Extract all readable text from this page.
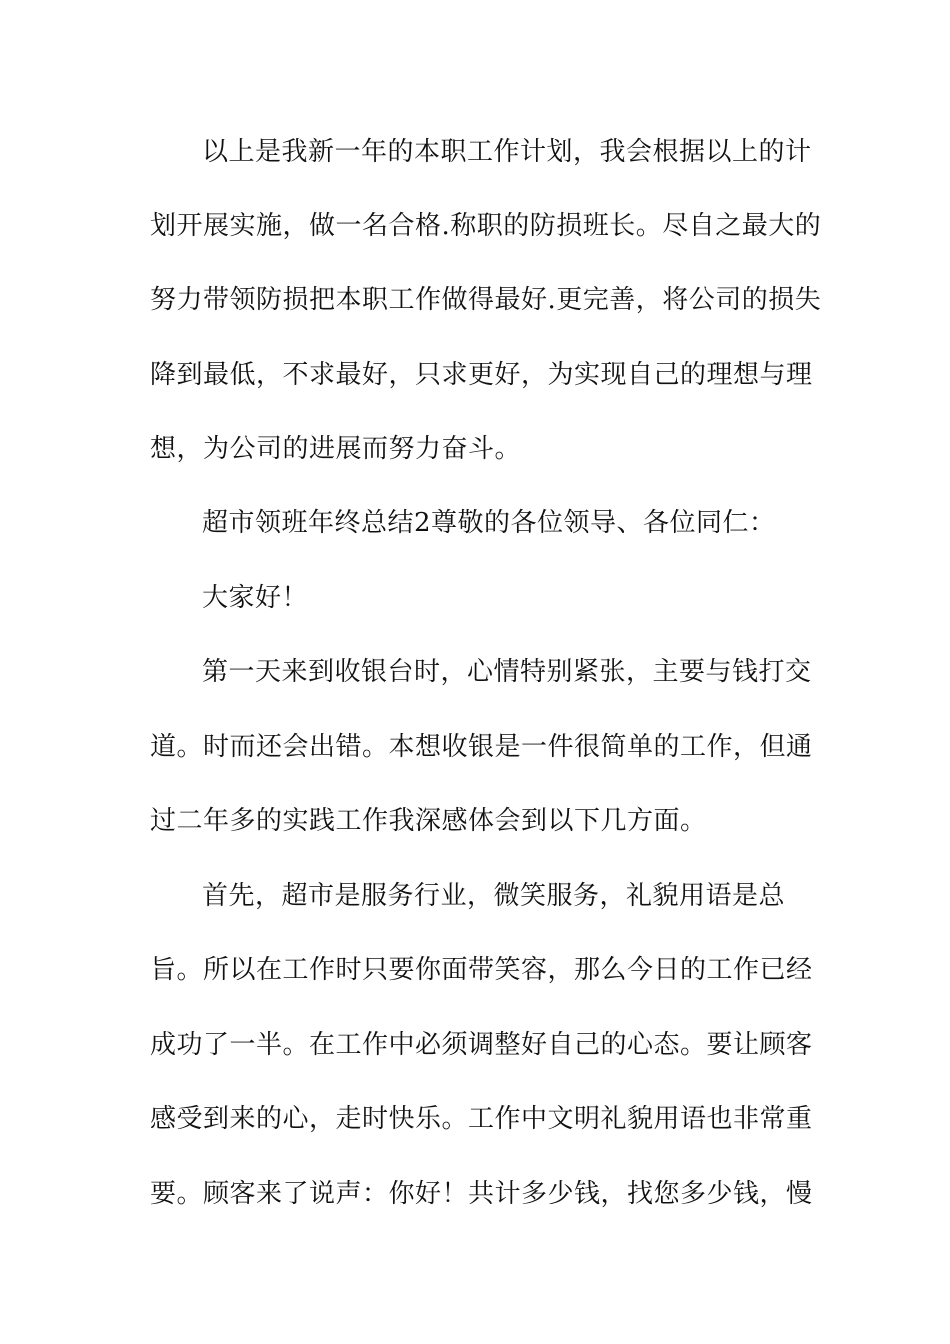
以上是我新一年的本职工作计划，我会根据以上的计
划开展实施，做一名合格.称职的防损班长。尽自之最大的
努力带领防损把本职工作做得最好.更完善，将公司的损失
降到最低，不求最好，只求更好，为实现自己的理想与理
想，为公司的进展而努力奋斗。
超市领班年终总结2尊敬的各位领导、各位同仁：
大家好！
第一天来到收银台时，心情特别紧张，主要与钱打交
道。时而还会出错。本想收银是一件很简单的工作，但通
过二年多的实践工作我深感体会到以下几方面。
首先，超市是服务行业，微笑服务，礼貌用语是总
旨。所以在工作时只要你面带笑容，那么今日的工作已经
成功了一半。在工作中必须调整好自己的心态。要让顾客
感受到来的心，走时快乐。工作中文明礼貌用语也非常重
要。顾客来了说声：你好！共计多少钱，找您多少钱，慢
